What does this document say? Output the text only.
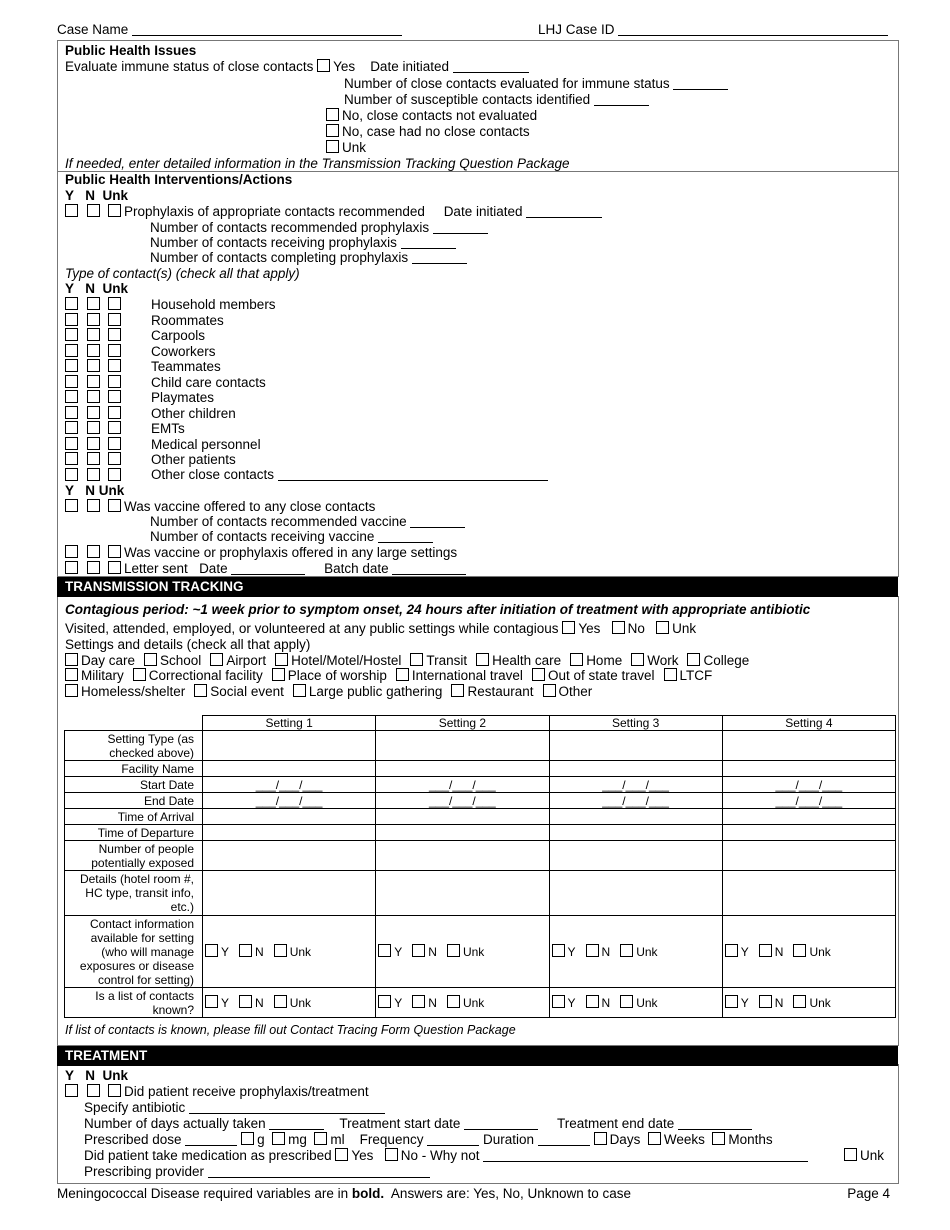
Case Name	LHJ Case ID
Public Health Issues
Evaluate immune status of close contacts Yes Date initiated
Number of close contacts evaluated for immune status
Number of susceptible contacts identified
No, close contacts not evaluated
No, case had no close contacts
Unk
If needed, enter detailed information in the Transmission Tracking Question Package
Public Health Interventions/Actions
Y N Unk
Prophylaxis of appropriate contacts recommended Date initiated
Number of contacts recommended prophylaxis
Number of contacts receiving prophylaxis
Number of contacts completing prophylaxis
Type of contact(s) (check all that apply)
Y N Unk
Household members
Roommates
Carpools
Coworkers
Teammates
Child care contacts
Playmates
Other children
EMTs
Medical personnel
Other patients
Other close contacts
Y N Unk
Was vaccine offered to any close contacts
Number of contacts recommended vaccine
Number of contacts receiving vaccine
Was vaccine or prophylaxis offered in any large settings
Letter sent Date	Batch date
TRANSMISSION TRACKING
Contagious period: ~1 week prior to symptom onset, 24 hours after initiation of treatment with appropriate antibiotic
Visited, attended, employed, or volunteered at any public settings while contagious Yes No Unk
Settings and details (check all that apply)
Day care School Airport Hotel/Motel/Hostel Transit Health care Home Work College
Military Correctional facility Place of worship International travel Out of state travel LTCF
Homeless/shelter Social event Large public gathering Restaurant Other
	Setting 1	Setting 2	Setting 3	Setting 4
Setting Type (as checked above)				
Facility Name				
Start Date	___/___/___	___/___/___	___/___/___	___/___/___
End Date	___/___/___	___/___/___	___/___/___	___/___/___
Time of Arrival				
Time of Departure				
Number of people potentially exposed				
Details (hotel room #, HC type, transit info, etc.)				
Contact information available for setting (who will manage exposures or disease control for setting)	Y N Unk	Y N Unk	Y N Unk	Y N Unk
Is a list of contacts known?	Y N Unk	Y N Unk	Y N Unk	Y N Unk
If list of contacts is known, please fill out Contact Tracing Form Question Package
TREATMENT
Y N Unk
Did patient receive prophylaxis/treatment
Specify antibiotic
Number of days actually taken	Treatment start date	Treatment end date
Prescribed dose	g mg ml Frequency	Duration	Days Weeks Months
Did patient take medication as prescribed Yes No - Why not	Unk
Prescribing provider
Meningococcal Disease required variables are in bold.  Answers are: Yes, No, Unknown to case	Page 4
